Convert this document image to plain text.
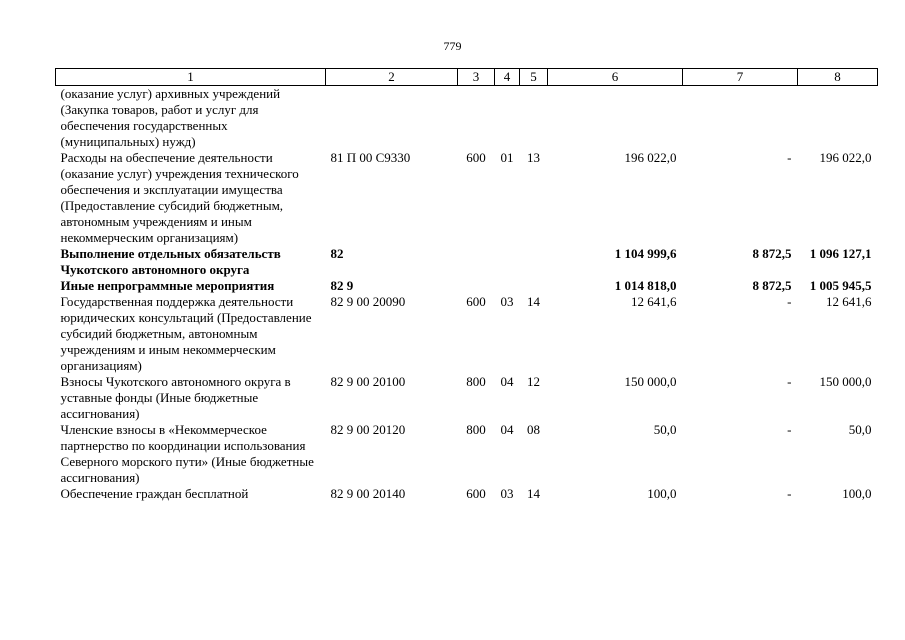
779
1	2	3	4	5	6	7	8
(оказание услуг) архивных учреждений (Закупка товаров, работ и услуг для обеспечения государственных (муниципальных) нужд)							
Расходы на обеспечение деятельности (оказание услуг) учреждения технического обеспечения и эксплуатации имущества (Предоставление субсидий бюджетным, автономным учреждениям и иным некоммерческим организациям)	81 П 00 С9330	600	01	13	196 022,0	-	196 022,0
Выполнение отдельных обязательств Чукотского автономного округа	82				1 104 999,6	8 872,5	1 096 127,1
Иные непрограммные мероприятия	82 9				1 014 818,0	8 872,5	1 005 945,5
Государственная поддержка деятельности юридических консультаций (Предоставление субсидий бюджетным, автономным учреждениям и иным некоммерческим организациям)	82 9 00 20090	600	03	14	12 641,6	-	12 641,6
Взносы Чукотского автономного округа в уставные фонды (Иные бюджетные ассигнования)	82 9 00 20100	800	04	12	150 000,0	-	150 000,0
Членские взносы в «Некоммерческое партнерство по координации использования Северного морского пути» (Иные бюджетные ассигнования)	82 9 00 20120	800	04	08	50,0	-	50,0
Обеспечение граждан бесплатной	82 9 00 20140	600	03	14	100,0	-	100,0
